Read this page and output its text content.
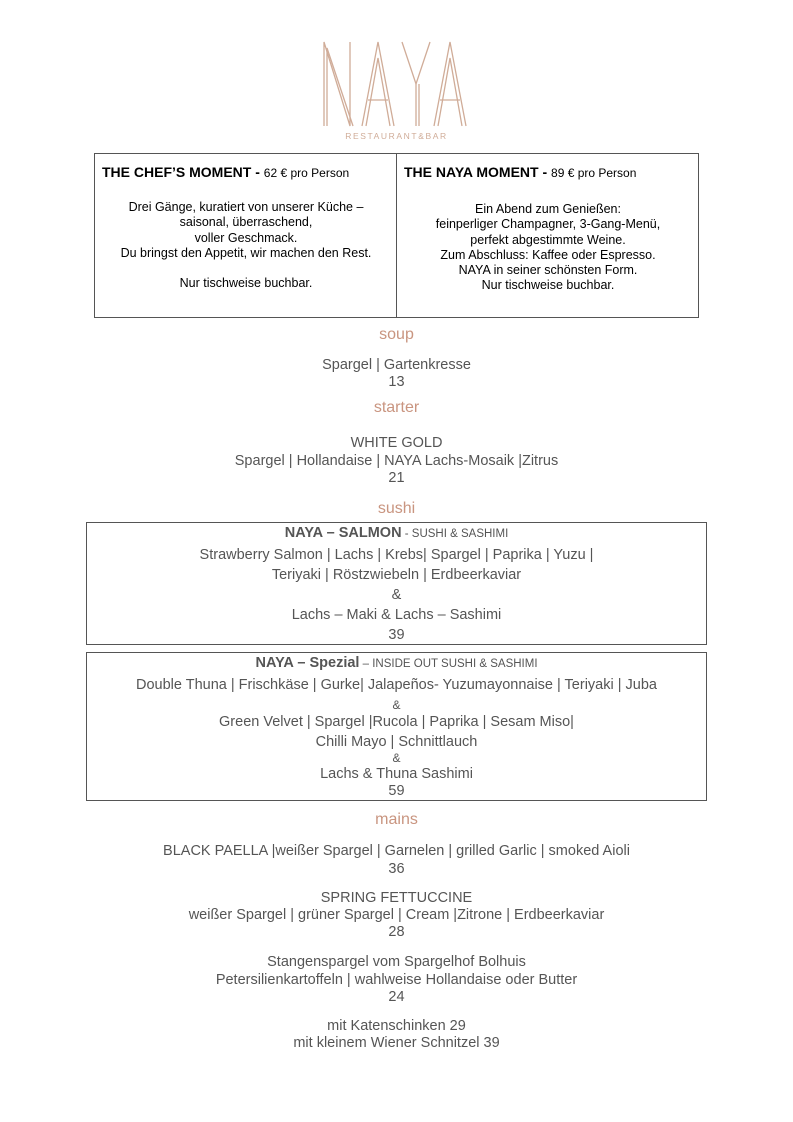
RESTAURANT&BAR
THE CHEF’S MOMENT - 62 € pro Person
Drei Gänge, kuratiert von unserer Küche –
saisonal, überraschend,
voller Geschmack.
Du bringst den Appetit, wir machen den Rest.
Nur tischweise buchbar.
THE NAYA MOMENT - 89 € pro Person
Ein Abend zum Genießen:
feinperliger Champagner, 3-Gang-Menü,
perfekt abgestimmte Weine.
Zum Abschluss: Kaffee oder Espresso.
NAYA in seiner schönsten Form.
Nur tischweise buchbar.
soup
Spargel | Gartenkresse
13
starter
WHITE GOLD
Spargel | Hollandaise | NAYA Lachs-Mosaik |Zitrus
21
sushi
NAYA – SALMON - SUSHI & SASHIMI
Strawberry Salmon | Lachs | Krebs| Spargel | Paprika | Yuzu |
Teriyaki | Röstzwiebeln | Erdbeerkaviar
&
Lachs – Maki & Lachs – Sashimi
39
NAYA – Spezial – INSIDE OUT SUSHI & SASHIMI
Double Thuna | Frischkäse | Gurke| Jalapeños- Yuzumayonnaise | Teriyaki | Juba
&
Green Velvet | Spargel |Rucola | Paprika | Sesam Miso|
Chilli Mayo | Schnittlauch
&
Lachs & Thuna Sashimi
59
mains
BLACK PAELLA |weißer Spargel | Garnelen | grilled Garlic | smoked Aioli
36
SPRING FETTUCCINE
weißer Spargel | grüner Spargel | Cream |Zitrone | Erdbeerkaviar
28
Stangenspargel vom Spargelhof Bolhuis
Petersilienkartoffeln | wahlweise Hollandaise oder Butter
24
mit Katenschinken 29
mit kleinem Wiener Schnitzel 39
